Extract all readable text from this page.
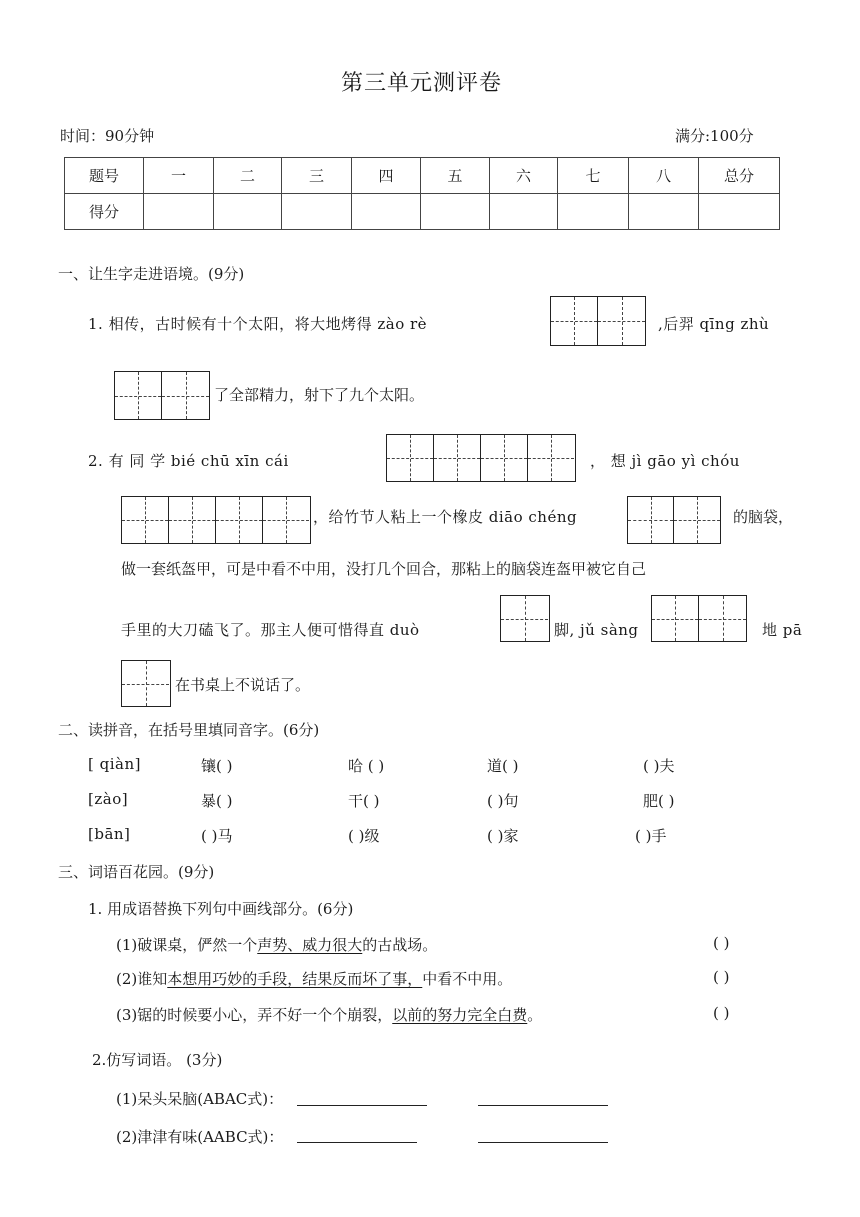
第三单元测评卷
时间：90分钟	满分:100分
题号	一	二	三	四	五	六	七	八	总分
得分									
一、让生字走进语境。(9分)
1. 相传，古时候有十个太阳，将大地烤得 zào rè	,后羿 qīng zhù
了全部精力，射下了九个太阳。
2. 有 同 学 bié chū xīn cái	， 想 jì gāo yì chóu
，给竹节人粘上一个橡皮 diāo chéng	的脑袋，
做一套纸盔甲，可是中看不中用，没打几个回合，那粘上的脑袋连盔甲被它自己
手里的大刀磕飞了。那主人便可惜得直 duò	脚, jǔ sàng	地 pā
在书桌上不说话了。
二、读拼音，在括号里填同音字。(6分)
[ qiàn]	镶( )	哈 ( )	道( )	( )夫
[zào]	暴( )	干( )	( )句	肥( )
[bān]	( )马	( )级	( )家	( )手
三、词语百花园。(9分)
1. 用成语替换下列句中画线部分。(6分)
(1)破课桌，俨然一个声势、威力很大的古战场。	( )
(2)谁知本想用巧妙的手段，结果反而坏了事，中看不中用。	( )
(3)锯的时候要小心，弄不好一个个崩裂，以前的努力完全白费。	( )
2.仿写词语。 (3分)
(1)呆头呆脑(ABAC式)：
(2)津津有味(AABC式)：
